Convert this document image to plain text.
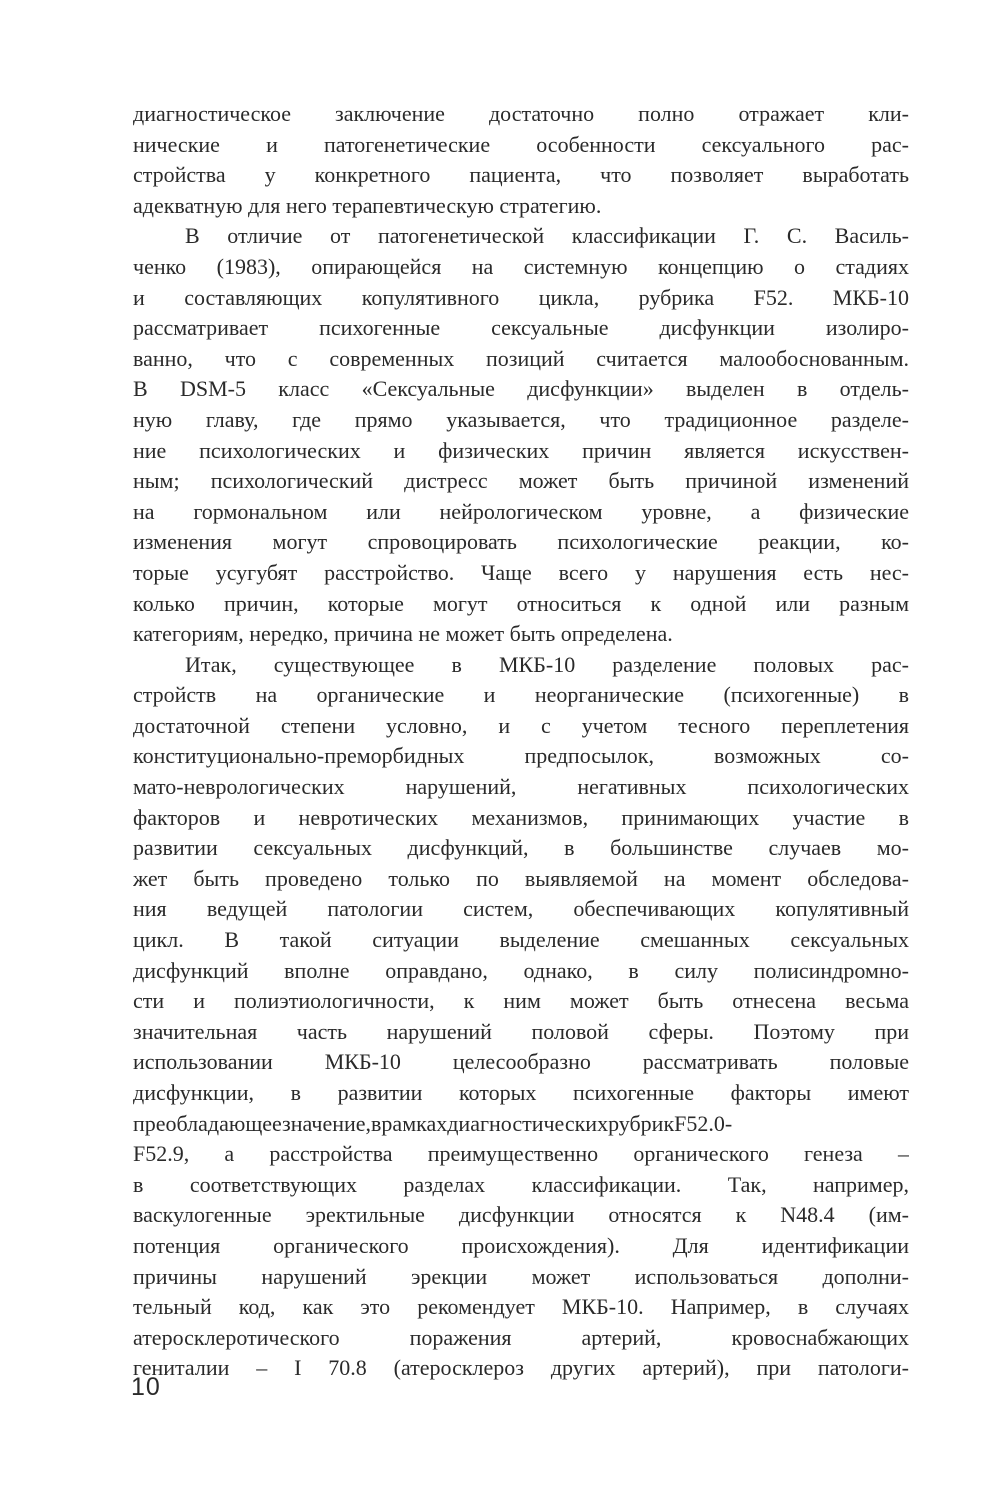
диагностическое заключение достаточно полно отражает кли-
нические и патогенетические особенности сексуального рас-
стройства у конкретного пациента, что позволяет выработать
адекватную для него терапевтическую стратегию.
В отличие от патогенетической классификации Г. С. Василь-
ченко (1983), опирающейся на системную концепцию о стадиях
и составляющих копулятивного цикла, рубрика F52. МКБ-10
рассматривает психогенные сексуальные дисфункции изолиро-
ванно, что с современных позиций считается малообоснованным.
В DSM-5 класс «Сексуальные дисфункции» выделен в отдель-
ную главу, где прямо указывается, что традиционное разделе-
ние психологических и физических причин является искусствен-
ным; психологический дистресс может быть причиной изменений
на гормональном или нейрологическом уровне, а физические
изменения могут спровоцировать психологические реакции, ко-
торые усугубят расстройство. Чаще всего у нарушения есть нес-
колько причин, которые могут относиться к одной или разным
категориям, нередко, причина не может быть определена.
Итак, существующее в МКБ-10 разделение половых рас-
стройств на органические и неорганические (психогенные) в
достаточной степени условно, и с учетом тесного переплетения
конституционально-преморбидных предпосылок, возможных со-
мато-неврологических нарушений, негативных психологических
факторов и невротических механизмов, принимающих участие в
развитии сексуальных дисфункций, в большинстве случаев мо-
жет быть проведено только по выявляемой на момент обследова-
ния ведущей патологии систем, обеспечивающих копулятивный
цикл. В такой ситуации выделение смешанных сексуальных
дисфункций вполне оправдано, однако, в силу полисиндромно-
сти и полиэтиологичности, к ним может быть отнесена весьма
значительная часть нарушений половой сферы. Поэтому при
использовании МКБ-10 целесообразно рассматривать половые
дисфункции, в развитии которых психогенные факторы имеют
преобладающеезначение,врамкахдиагностическихрубрикF52.0-
F52.9, а расстройства преимущественно органического генеза –
в соответствующих разделах классификации. Так, например,
васкулогенные эректильные дисфункции относятся к N48.4 (им-
потенция органического происхождения). Для идентификации
причины нарушений эрекции может использоваться дополни-
тельный код, как это рекомендует МКБ-10. Например, в случаях
атеросклеротического поражения артерий, кровоснабжающих
гениталии – I 70.8 (атеросклероз других артерий), при патологи-
10
